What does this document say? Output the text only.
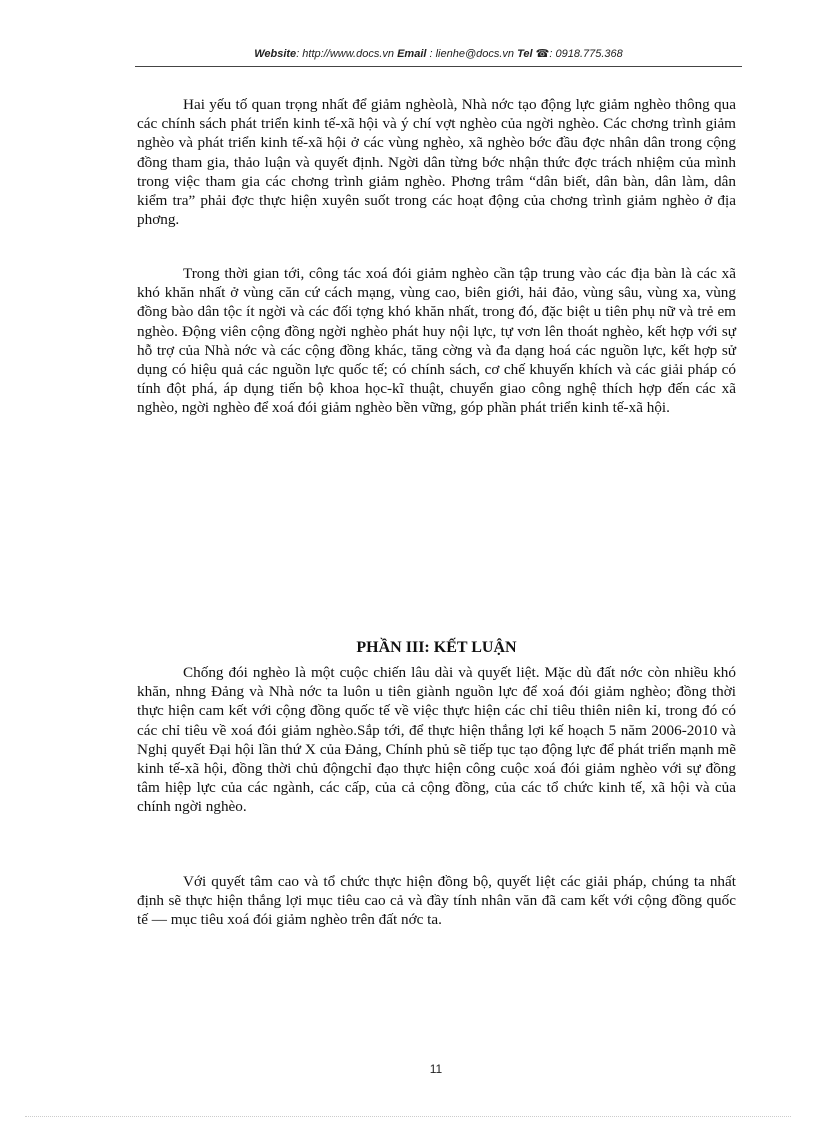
Website: http://www.docs.vn Email : lienhe@docs.vn Tel ☎: 0918.775.368

Hai yếu tố quan trọng nhất để giảm nghèolà, Nhà nớc tạo động lực giảm nghèo thông qua các chính sách phát triển kinh tế-xã hội và ý chí vợt nghèo của ngời nghèo. Các chơng trình giảm nghèo và phát triển kinh tế-xã hội ở các vùng nghèo, xã nghèo bớc đầu đợc nhân dân trong cộng đồng tham gia, thảo luận và quyết định. Ngời dân từng bớc nhận thức đợc trách nhiệm của mình trong việc tham gia các chơng trình giảm nghèo. Phơng trâm “dân biết, dân bàn, dân làm, dân kiểm tra” phải đợc thực hiện xuyên suốt trong các hoạt động của chơng trình giảm nghèo ở địa phơng.

Trong thời gian tới, công tác xoá đói giảm nghèo cần tập trung vào các địa bàn là các xã khó khăn nhất ở vùng căn cứ cách mạng, vùng cao, biên giới, hải đảo, vùng sâu, vùng xa, vùng đồng bào dân tộc ít ngời và các đối tợng khó khăn nhất, trong đó, đặc biệt u tiên phụ nữ và trẻ em nghèo. Động viên cộng đồng ngời nghèo phát huy nội lực, tự vơn lên thoát nghèo, kết hợp với sự hỗ trợ của Nhà nớc và các cộng đồng khác, tăng cờng và đa dạng hoá các nguồn lực, kết hợp sử dụng có hiệu quả các nguồn lực quốc tế; có chính sách, cơ chế khuyến khích và các giải pháp có tính đột phá, áp dụng tiến bộ khoa học-kĩ thuật, chuyển giao công nghệ thích hợp đến các xã nghèo, ngời nghèo để xoá đói giảm nghèo bền vững, góp phần phát triển kinh tế-xã hội.

PHẦN III: KẾT LUẬN

Chống đói nghèo là một cuộc chiến lâu dài và quyết liệt. Mặc dù đất nớc còn nhiều khó khăn, nhng Đảng và Nhà nớc ta luôn u tiên giành nguồn lực để xoá đói giảm nghèo; đồng thời thực hiện cam kết với cộng đồng quốc tế về việc thực hiện các chỉ tiêu thiên niên kỉ, trong đó có các chỉ tiêu về xoá đói giảm nghèo.Sắp tới, để thực hiện thắng lợi kế hoạch 5 năm 2006-2010 và Nghị quyết Đại hội lần thứ X của Đảng, Chính phủ sẽ tiếp tục tạo động lực để phát triển mạnh mẽ kinh tế-xã hội, đồng thời chủ độngchỉ đạo thực hiện công cuộc xoá đói giảm nghèo với sự đồng tâm hiệp lực của các ngành, các cấp, của cả cộng đồng, của các tổ chức kinh tế, xã hội và của chính ngời nghèo.

Với quyết tâm cao và tổ chức thực hiện đồng bộ, quyết liệt các giải pháp, chúng ta nhất định sẽ thực hiện thắng lợi mục tiêu cao cả và đầy tính nhân văn đã cam kết với cộng đồng quốc tế — mục tiêu xoá đói giảm nghèo trên đất nớc ta.

11
